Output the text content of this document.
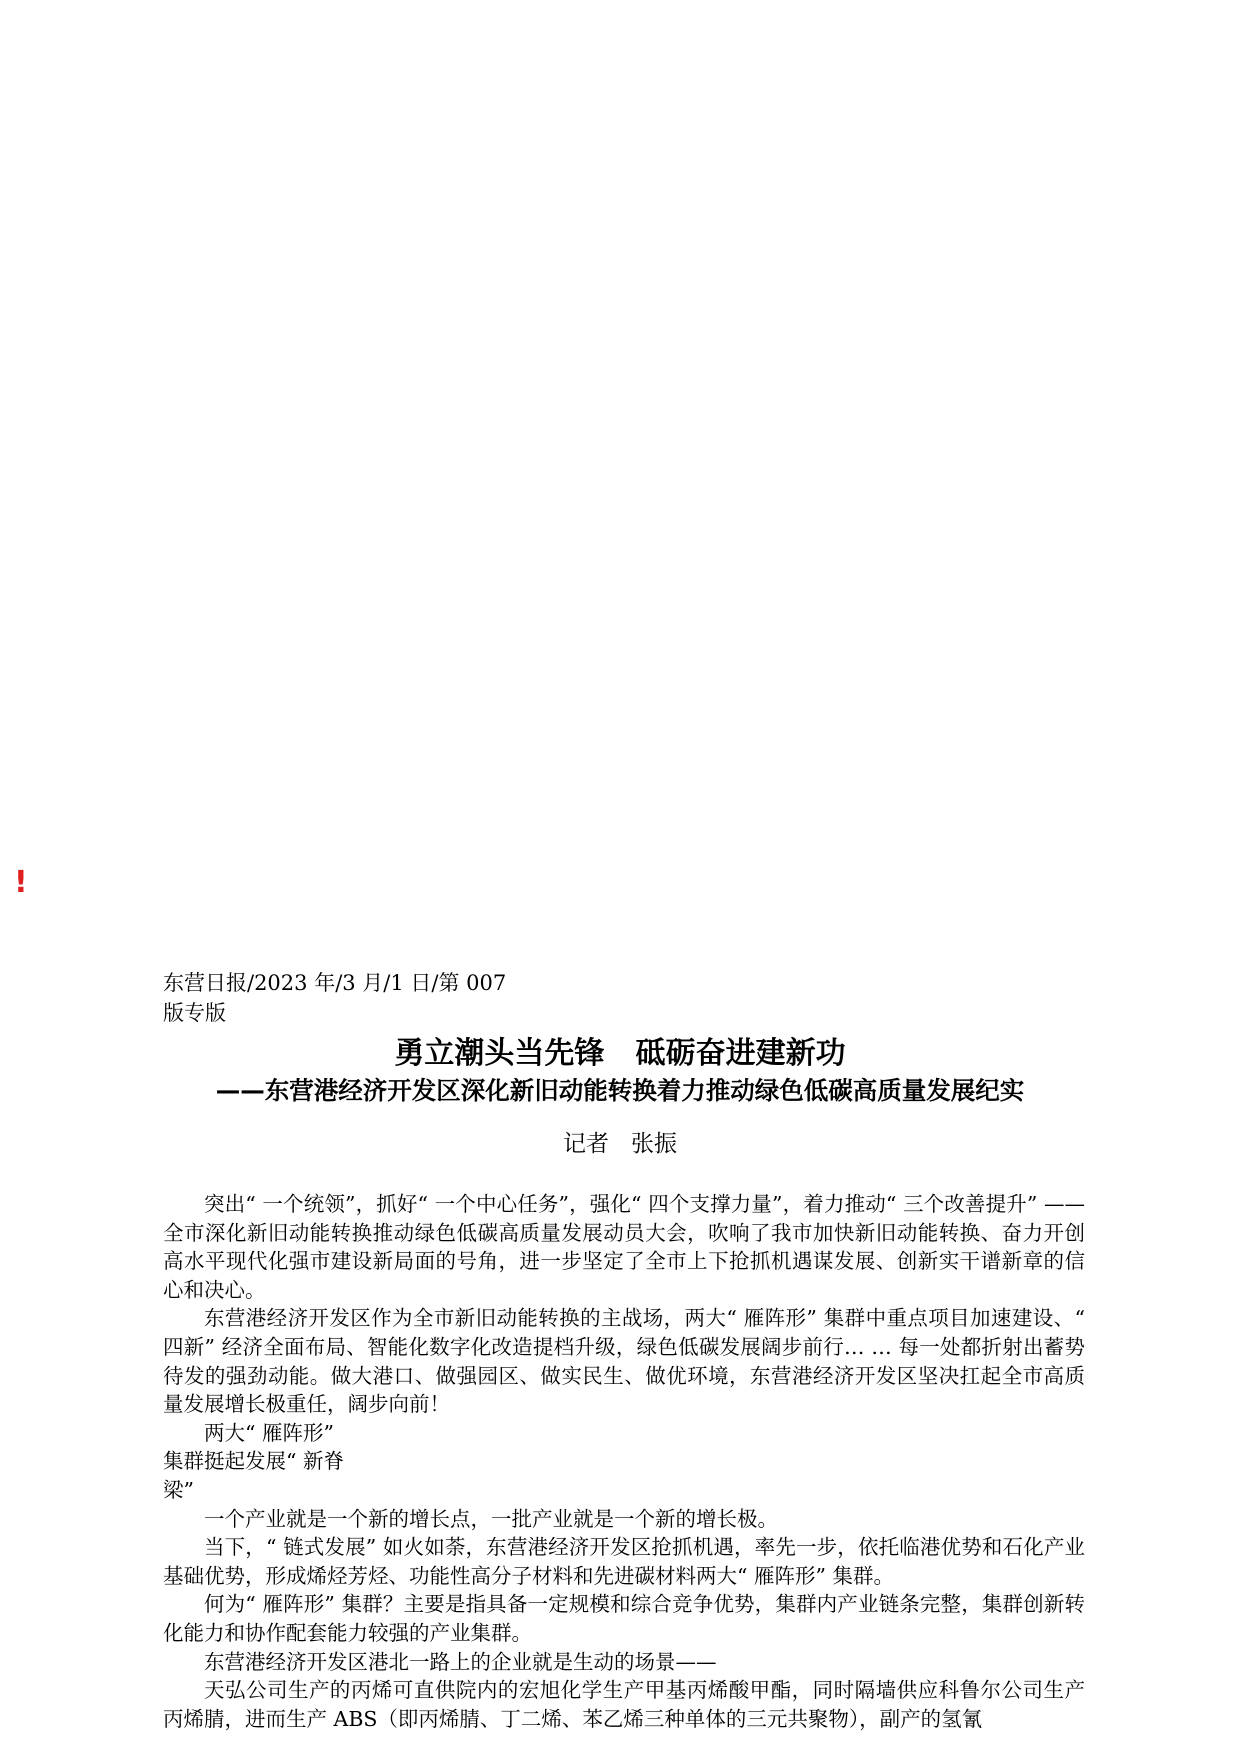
!
东营日报/2023 年/3 月/1 日/第 007 版专版
勇立潮头当先锋   砥砺奋进建新功
——东营港经济开发区深化新旧动能转换着力推动绿色低碳高质量发展纪实
记者   张振

突出“ 一个统领”，抓好“ 一个中心任务”，强化“ 四个支撑力量”，着力推动“ 三个改善提升” ——全市深化新旧动能转换推动绿色低碳高质量发展动员大会，吹响了我市加快新旧动能转换、奋力开创高水平现代化强市建设新局面的号角，进一步坚定了全市上下抢抓机遇谋发展、创新实干谱新章的信心和决心。

东营港经济开发区作为全市新旧动能转换的主战场，两大“ 雁阵形” 集群中重点项目加速建设、“ 四新” 经济全面布局、智能化数字化改造提档升级，绿色低碳发展阔步前行… … 每一处都折射出蓄势待发的强劲动能。做大港口、做强园区、做实民生、做优环境，东营港经济开发区坚决扛起全市高质量发展增长极重任，阔步向前！

两大“ 雁阵形” 集群挺起发展“ 新脊梁”

一个产业就是一个新的增长点，一批产业就是一个新的增长极。

当下，“ 链式发展” 如火如荼，东营港经济开发区抢抓机遇，率先一步，依托临港优势和石化产业基础优势，形成烯烃芳烃、功能性高分子材料和先进碳材料两大“ 雁阵形” 集群。

何为“ 雁阵形” 集群？主要是指具备一定规模和综合竞争优势，集群内产业链条完整，集群创新转化能力和协作配套能力较强的产业集群。

东营港经济开发区港北一路上的企业就是生动的场景——

天弘公司生产的丙烯可直供院内的宏旭化学生产甲基丙烯酸甲酯，同时隔墙供应科鲁尔公司生产丙烯腈，进而生产 ABS（即丙烯腈、丁二烯、苯乙烯三种单体的三元共聚物），副产的氢氰
